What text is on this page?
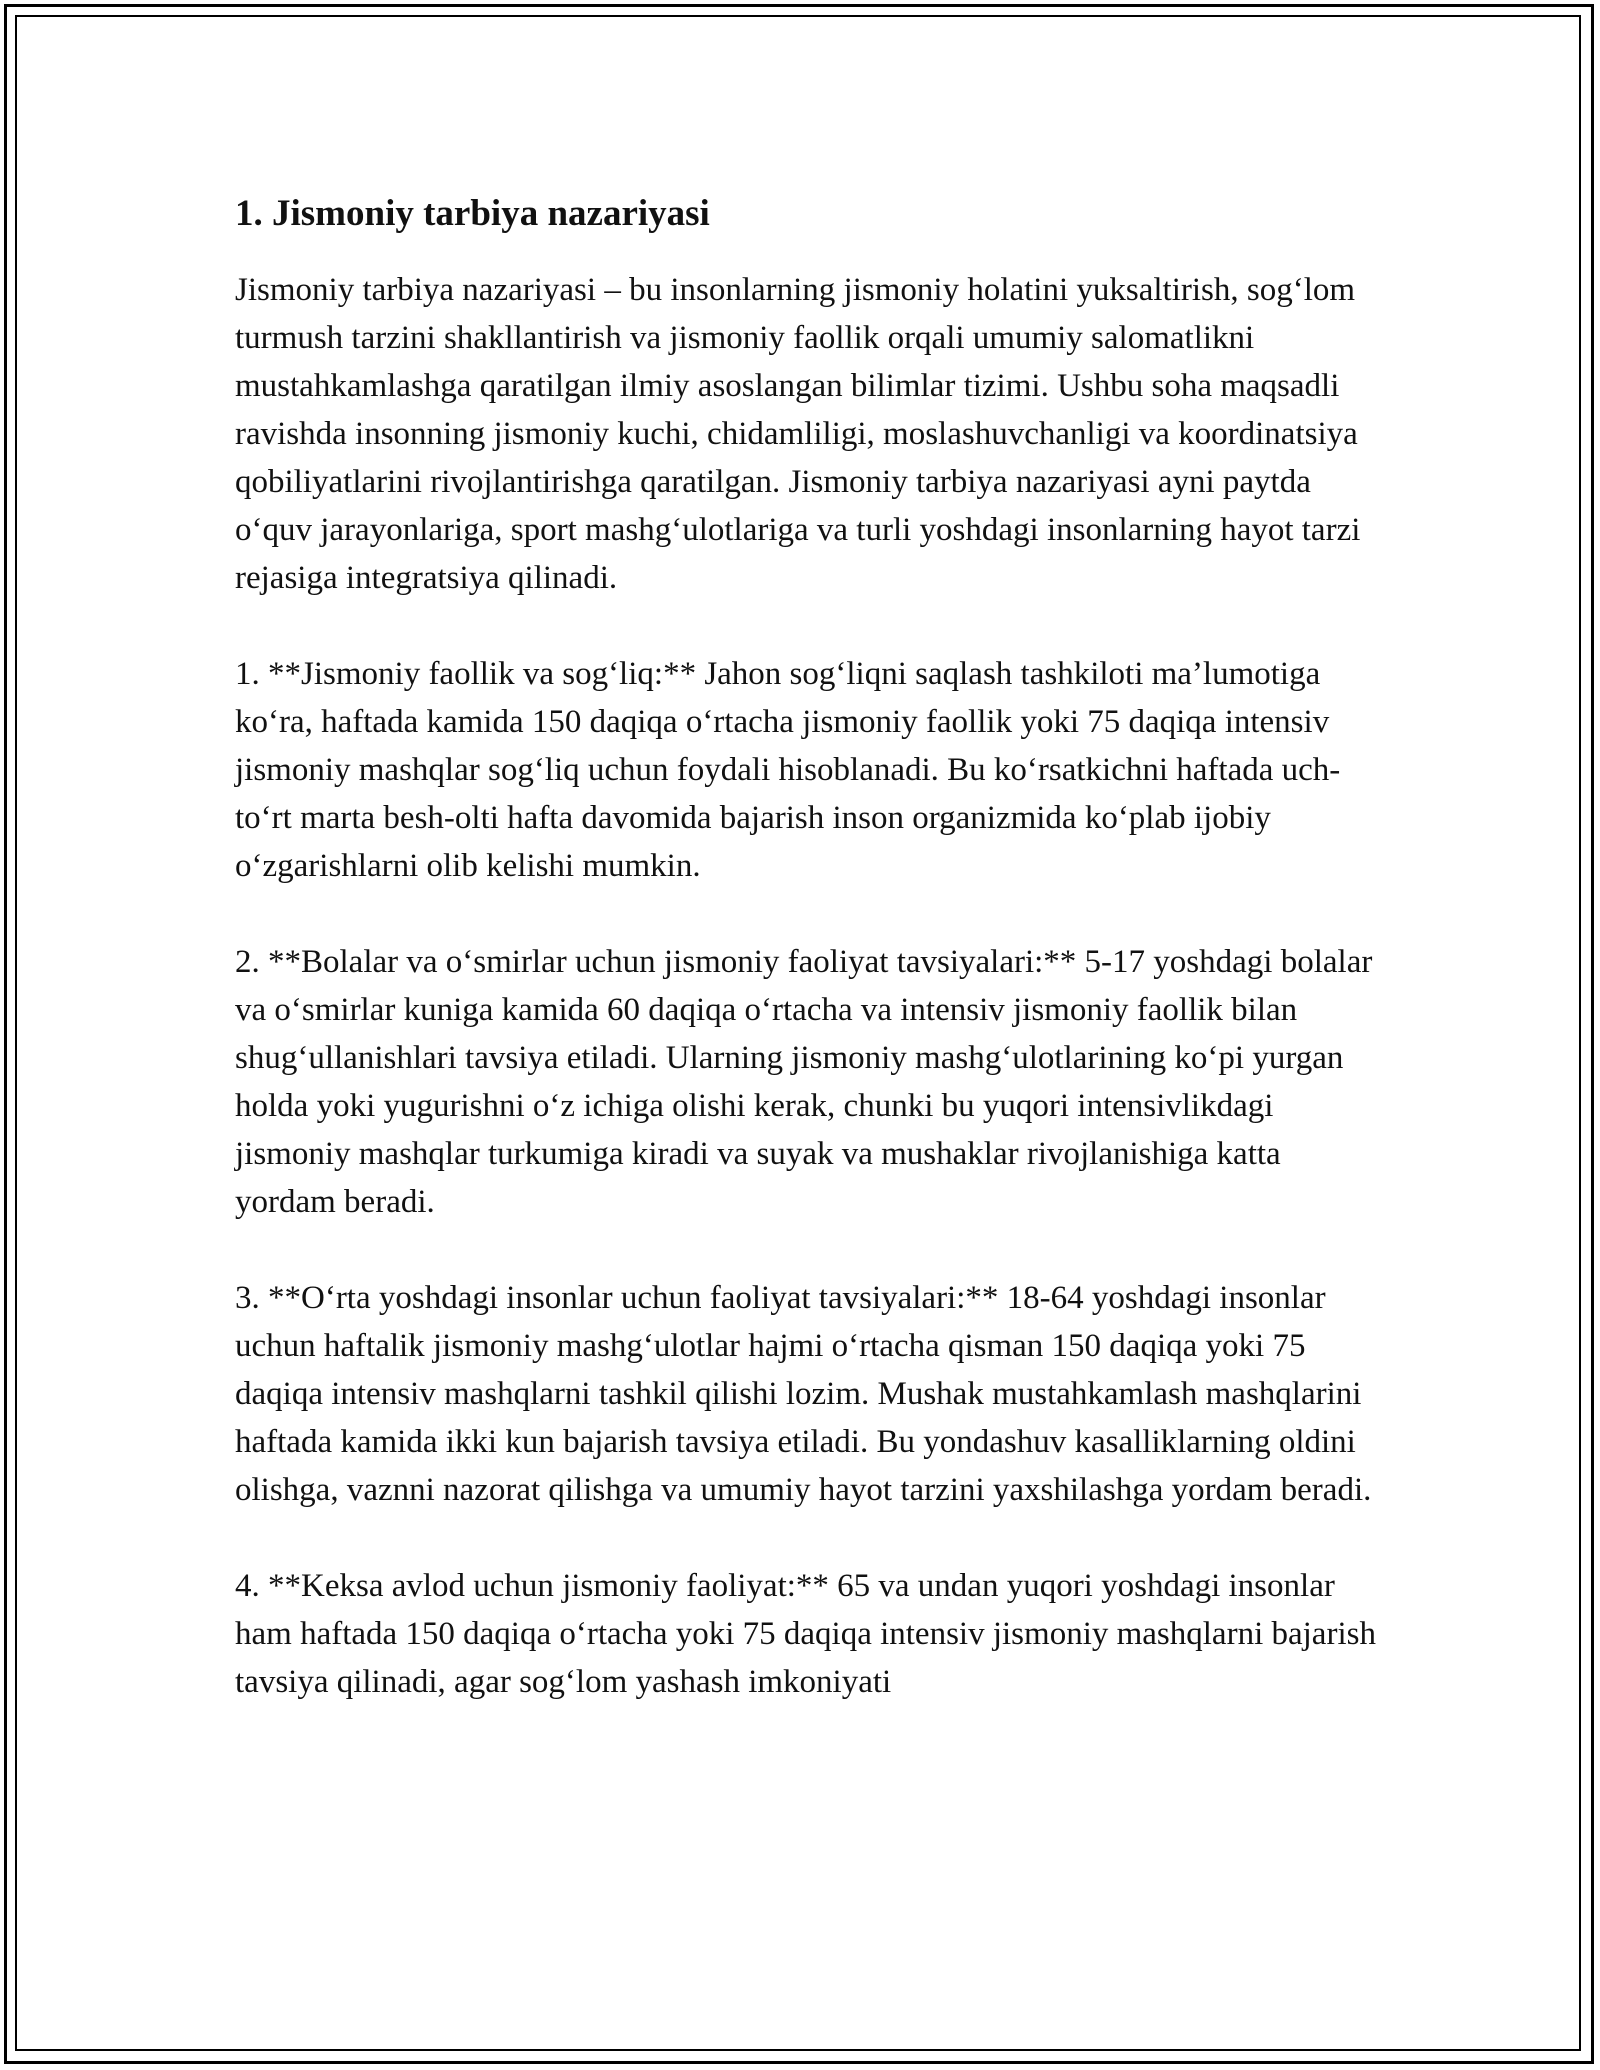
1. Jismoniy tarbiya nazariyasi

Jismoniy tarbiya nazariyasi – bu insonlarning jismoniy holatini yuksaltirish, sog‘lom turmush tarzini shakllantirish va jismoniy faollik orqali umumiy salomatlikni mustahkamlashga qaratilgan ilmiy asoslangan bilimlar tizimi. Ushbu soha maqsadli ravishda insonning jismoniy kuchi, chidamliligi, moslashuvchanligi va koordinatsiya qobiliyatlarini rivojlantirishga qaratilgan. Jismoniy tarbiya nazariyasi ayni paytda o‘quv jarayonlariga, sport mashg‘ulotlariga va turli yoshdagi insonlarning hayot tarzi rejasiga integratsiya qilinadi.

1. **Jismoniy faollik va sog‘liq:** Jahon sog‘liqni saqlash tashkiloti ma’lumotiga ko‘ra, haftada kamida 150 daqiqa o‘rtacha jismoniy faollik yoki 75 daqiqa intensiv jismoniy mashqlar sog‘liq uchun foydali hisoblanadi. Bu ko‘rsatkichni haftada uch-to‘rt marta besh-olti hafta davomida bajarish inson organizmida ko‘plab ijobiy o‘zgarishlarni olib kelishi mumkin.

2. **Bolalar va o‘smirlar uchun jismoniy faoliyat tavsiyalari:** 5-17 yoshdagi bolalar va o‘smirlar kuniga kamida 60 daqiqa o‘rtacha va intensiv jismoniy faollik bilan shug‘ullanishlari tavsiya etiladi. Ularning jismoniy mashg‘ulotlarining ko‘pi yurgan holda yoki yugurishni o‘z ichiga olishi kerak, chunki bu yuqori intensivlikdagi jismoniy mashqlar turkumiga kiradi va suyak va mushaklar rivojlanishiga katta yordam beradi.

3. **O‘rta yoshdagi insonlar uchun faoliyat tavsiyalari:** 18-64 yoshdagi insonlar uchun haftalik jismoniy mashg‘ulotlar hajmi o‘rtacha qisman 150 daqiqa yoki 75 daqiqa intensiv mashqlarni tashkil qilishi lozim. Mushak mustahkamlash mashqlarini haftada kamida ikki kun bajarish tavsiya etiladi. Bu yondashuv kasalliklarning oldini olishga, vaznni nazorat qilishga va umumiy hayot tarzini yaxshilashga yordam beradi.

4. **Keksa avlod uchun jismoniy faoliyat:** 65 va undan yuqori yoshdagi insonlar ham haftada 150 daqiqa o‘rtacha yoki 75 daqiqa intensiv jismoniy mashqlarni bajarish tavsiya qilinadi, agar sog‘lom yashash imkoniyati
